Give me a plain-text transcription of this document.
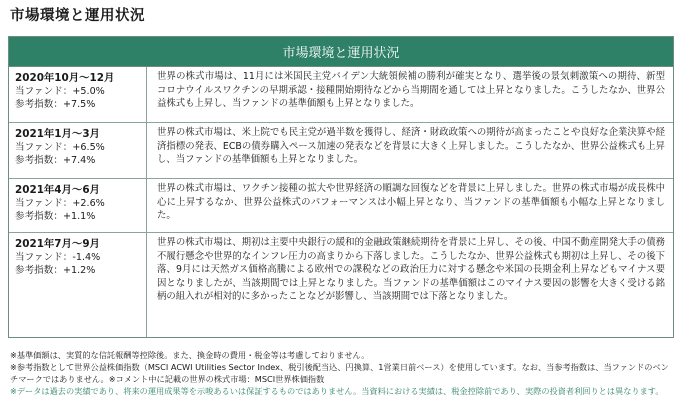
市場環境と運用状況
市場環境と運用状況
2020年10月～12月
当ファンド：+5.0%
参考指数：+7.5%
世界の株式市場は、11月には米国民主党バイデン大統領候補の勝利が確実となり、選挙後の景気刺激策への期待、新型コロナウイルスワクチンの早期承認・接種開始期待などから当期間を通しては上昇となりました。こうしたなか、世界公益株式も上昇し、当ファンドの基準価額も上昇となりました。
2021年1月～3月
当ファンド：+6.5%
参考指数：+7.4%
世界の株式市場は、米上院でも民主党が過半数を獲得し、経済・財政政策への期待が高まったことや良好な企業決算や経済指標の発表、ECBの債券購入ペース加速の発表などを背景に大きく上昇しました。こうしたなか、世界公益株式も上昇し、当ファンドの基準価額も上昇となりました。
2021年4月～6月
当ファンド：+2.6%
参考指数：+1.1%
世界の株式市場は、ワクチン接種の拡大や世界経済の順調な回復などを背景に上昇しました。世界の株式市場が成長株中心に上昇するなか、世界公益株式のパフォーマンスは小幅上昇となり、当ファンドの基準価額も小幅な上昇となりました。
2021年7月～9月
当ファンド：-1.4%
参考指数：+1.2%
世界の株式市場は、期初は主要中央銀行の緩和的金融政策継続期待を背景に上昇し、その後、中国不動産開発大手の債務不履行懸念や世界的なインフレ圧力の高まりから下落しました。こうしたなか、世界公益株式も期初は上昇し、その後下落、9月には天然ガス価格高騰による欧州での課税などの政治圧力に対する懸念や米国の長期金利上昇などもマイナス要因となりましたが、当該期間では上昇となりました。当ファンドの基準価額はこのマイナス要因の影響を大きく受ける銘柄の組入れが相対的に多かったことなどが影響し、当該期間では下落となりました。
※基準価額は、実質的な信託報酬等控除後。また、換金時の費用・税金等は考慮しておりません。
※参考指数として世界公益株価指数（MSCI ACWI Utilities Sector Index、税引後配当込、円換算、1営業日前ベース）を使用しています。なお、当参考指数は、当ファンドのベンチマークではありません。※コメント中に記載の世界の株式市場：MSCI世界株価指数
※データは過去の実績であり、将来の運用成果等を示唆あるいは保証するものではありません。当資料における実績は、税金控除前であり、実際の投資者利回りとは異なります。
